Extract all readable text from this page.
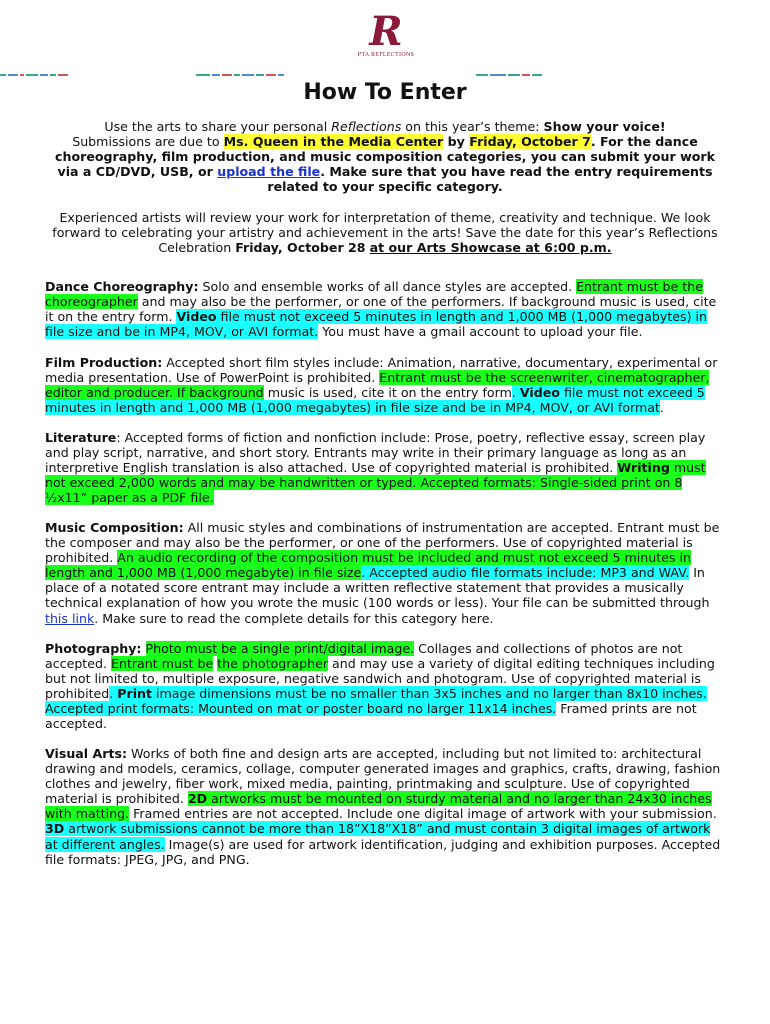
R
PTA REFLECTIONS
How To Enter
Use the arts to share your personal Reflections on this year’s theme: Show your voice!
Submissions are due to Ms. Queen in the Media Center by Friday, October 7. For the dance choreography, film production, and music composition categories, you can submit your work via a CD/DVD, USB, or upload the file. Make sure that you have read the entry requirements related to your specific category.
Experienced artists will review your work for interpretation of theme, creativity and technique. We look forward to celebrating your artistry and achievement in the arts! Save the date for this year’s Reflections Celebration Friday, October 28 at our Arts Showcase at 6:00 p.m.
Dance Choreography: Solo and ensemble works of all dance styles are accepted. Entrant must be the choreographer and may also be the performer, or one of the performers. If background music is used, cite it on the entry form. Video file must not exceed 5 minutes in length and 1,000 MB (1,000 megabytes) in file size and be in MP4, MOV, or AVI format. You must have a gmail account to upload your file.
Film Production: Accepted short film styles include: Animation, narrative, documentary, experimental or media presentation. Use of PowerPoint is prohibited. Entrant must be the screenwriter, cinematographer, editor and producer. If background music is used, cite it on the entry form. Video file must not exceed 5 minutes in length and 1,000 MB (1,000 megabytes) in file size and be in MP4, MOV, or AVI format.
Literature: Accepted forms of fiction and nonfiction include: Prose, poetry, reflective essay, screen play and play script, narrative, and short story. Entrants may write in their primary language as long as an interpretive English translation is also attached. Use of copyrighted material is prohibited. Writing must not exceed 2,000 words and may be handwritten or typed. Accepted formats: Single-sided print on 8 ½x11” paper as a PDF file.
Music Composition: All music styles and combinations of instrumentation are accepted. Entrant must be the composer and may also be the performer, or one of the performers. Use of copyrighted material is prohibited. An audio recording of the composition must be included and must not exceed 5 minutes in length and 1,000 MB (1,000 megabyte) in file size. Accepted audio file formats include: MP3 and WAV. In place of a notated score entrant may include a written reflective statement that provides a musically technical explanation of how you wrote the music (100 words or less). Your file can be submitted through this link. Make sure to read the complete details for this category here.
Photography: Photo must be a single print/digital image. Collages and collections of photos are not accepted. Entrant must be the photographer and may use a variety of digital editing techniques including but not limited to, multiple exposure, negative sandwich and photogram. Use of copyrighted material is prohibited. Print image dimensions must be no smaller than 3x5 inches and no larger than 8x10 inches. Accepted print formats: Mounted on mat or poster board no larger 11x14 inches. Framed prints are not accepted.
Visual Arts: Works of both fine and design arts are accepted, including but not limited to: architectural drawing and models, ceramics, collage, computer generated images and graphics, crafts, drawing, fashion clothes and jewelry, fiber work, mixed media, painting, printmaking and sculpture. Use of copyrighted material is prohibited. 2D artworks must be mounted on sturdy material and no larger than 24x30 inches with matting. Framed entries are not accepted. Include one digital image of artwork with your submission. 3D artwork submissions cannot be more than 18”X18”X18” and must contain 3 digital images of artwork at different angles. Image(s) are used for artwork identification, judging and exhibition purposes. Accepted file formats: JPEG, JPG, and PNG.
